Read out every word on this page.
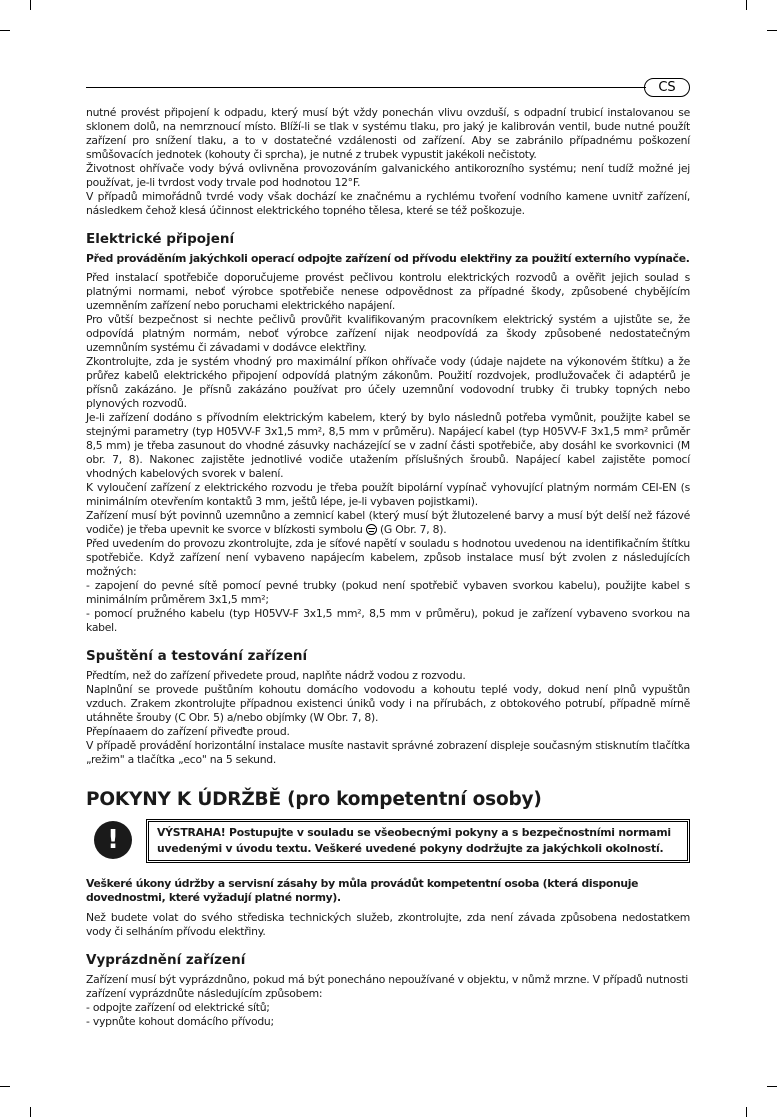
CS

nutné provést připojení k odpadu, který musí být vždy ponechán vlivu ovzduší, s odpadní trubicí instalovanou se sklonem dolů, na nemrznoucí místo. Blíží-li se tlak v systému tlaku, pro jaký je kalibrován ventil, bude nutné použít zařízení pro snížení tlaku, a to v dostatečné vzdálenosti od zařízení. Aby se zabránilo případnému poškození smůšovacích jednotek (kohouty či sprcha), je nutné z trubek vypustit jakékoli nečistoty.

Životnost ohřívače vody bývá ovlivněna provozováním galvanického antikorozního systému; není tudíž možné jej používat, je-li tvrdost vody trvale pod hodnotou 12°F.

V případů mimořádnů tvrdé vody však dochází ke značnému a rychlému tvoření vodního kamene uvnitř zařízení, následkem čehož klesá účinnost elektrického topného tělesa, které se též poškozuje.

Elektrické připojení
Před prováděním jakýchkoli operací odpojte zařízení od přívodu elektřiny za použití externího vypínače.

Před instalací spotřebiče doporučujeme provést pečlivou kontrolu elektrických rozvodů a ověřit jejich soulad s platnými normami, neboť výrobce spotřebiče nenese odpovědnost za případné škody, způsobené chybějícím uzemněním zařízení nebo poruchami elektrického napájení.

Pro vůtší bezpečnost si nechte pečlivů provůřit kvalifikovaným pracovníkem elektrický systém a ujistůte se, že odpovídá platným normám, neboť výrobce zařízení nijak neodpovídá za škody způsobené nedostatečným uzemnůním systému či závadami v dodávce elektřiny.

Zkontrolujte, zda je systém vhodný pro maximální příkon ohřívače vody (údaje najdete na výkonovém štítku) a že průřez kabelů elektrického připojení odpovídá platným zákonům. Použití rozdvojek, prodlužovaček či adaptérů je přísnů zakázáno. Je přísnů zakázáno používat pro účely uzemnůní vodovodní trubky či trubky topných nebo plynových rozvodů.

Je-li zařízení dodáno s přívodním elektrickým kabelem, který by bylo následnů potřeba vymůnit, použijte kabel se stejnými parametry (typ H05VV-F 3x1,5 mm², 8,5 mm v průměru). Napájecí kabel (typ H05VV-F 3x1,5 mm² průměr 8,5 mm) je třeba zasunout do vhodné zásuvky nacházející se v zadní části spotřebiče, aby dosáhl ke svorkovnici (M obr. 7, 8). Nakonec zajistěte jednotlivé vodiče utažením příslušných šroubů. Napájecí kabel zajistěte pomocí vhodných kabelových svorek v balení.

K vyloučení zařízení z elektrického rozvodu je třeba použít bipolární vypínač vyhovující platným normám CEI-EN (s minimálním otevřením kontaktů 3 mm, ještů lépe, je-li vybaven pojistkami).

Zařízení musí být povinnů uzemnůno a zemnicí kabel (který musí být žlutozelené barvy a musí být delší než fázové vodiče) je třeba upevnit ke svorce v blízkosti symbolu (G Obr. 7, 8).

Před uvedením do provozu zkontrolujte, zda je síťové napětí v souladu s hodnotou uvedenou na identifikačním štítku spotřebiče. Když zařízení není vybaveno napájecím kabelem, způsob instalace musí být zvolen z následujících možných:

- zapojení do pevné sítě pomocí pevné trubky (pokud není spotřebič vybaven svorkou kabelu), použijte kabel s minimálním průměrem 3x1,5 mm²;

- pomocí pružného kabelu (typ H05VV-F 3x1,5 mm², 8,5 mm v průměru), pokud je zařízení vybaveno svorkou na kabel.

Spuštění a testování zařízení

Předtím, než do zařízení přivedete proud, naplňte nádrž vodou z rozvodu.

Naplnůní se provede puštůním kohoutu domácího vodovodu a kohoutu teplé vody, dokud není plnů vypuštůn vzduch. Zrakem zkontrolujte případnou existenci úniků vody i na přírubách, z obtokového potrubí, případně mírně utáhněte šrouby (C Obr. 5) a/nebo objímky (W Obr. 7, 8).

Přepínaaem do zařízení přiveďte proud.

V případě provádění horizontální instalace musíte nastavit správné zobrazení displeje současným stisknutím tlačítka „režim" a tlačítka „eco" na 5 sekund.

POKYNY K ÚDRŽBĚ (pro kompetentní osoby)
!	VÝSTRAHA! Postupujte v souladu se všeobecnými pokyny a s bezpečnostními normami uvedenými v úvodu textu. Veškeré uvedené pokyny dodržujte za jakýchkoli okolností.
Veškeré úkony údržby a servisní zásahy by můla provádůt kompetentní osoba (která disponuje dovednostmi, které vyžadují platné normy).

Než budete volat do svého střediska technických služeb, zkontrolujte, zda není závada způsobena nedostatkem vody či selháním přívodu elektřiny.

Vyprázdnění zařízení

Zařízení musí být vyprázdnůno, pokud má být ponecháno nepoužívané v objektu, v nůmž mrzne. V případů nutnosti zařízení vyprázdnůte následujícím způsobem:

- odpojte zařízení od elektrické sítů;

- vypnůte kohout domácího přívodu;
